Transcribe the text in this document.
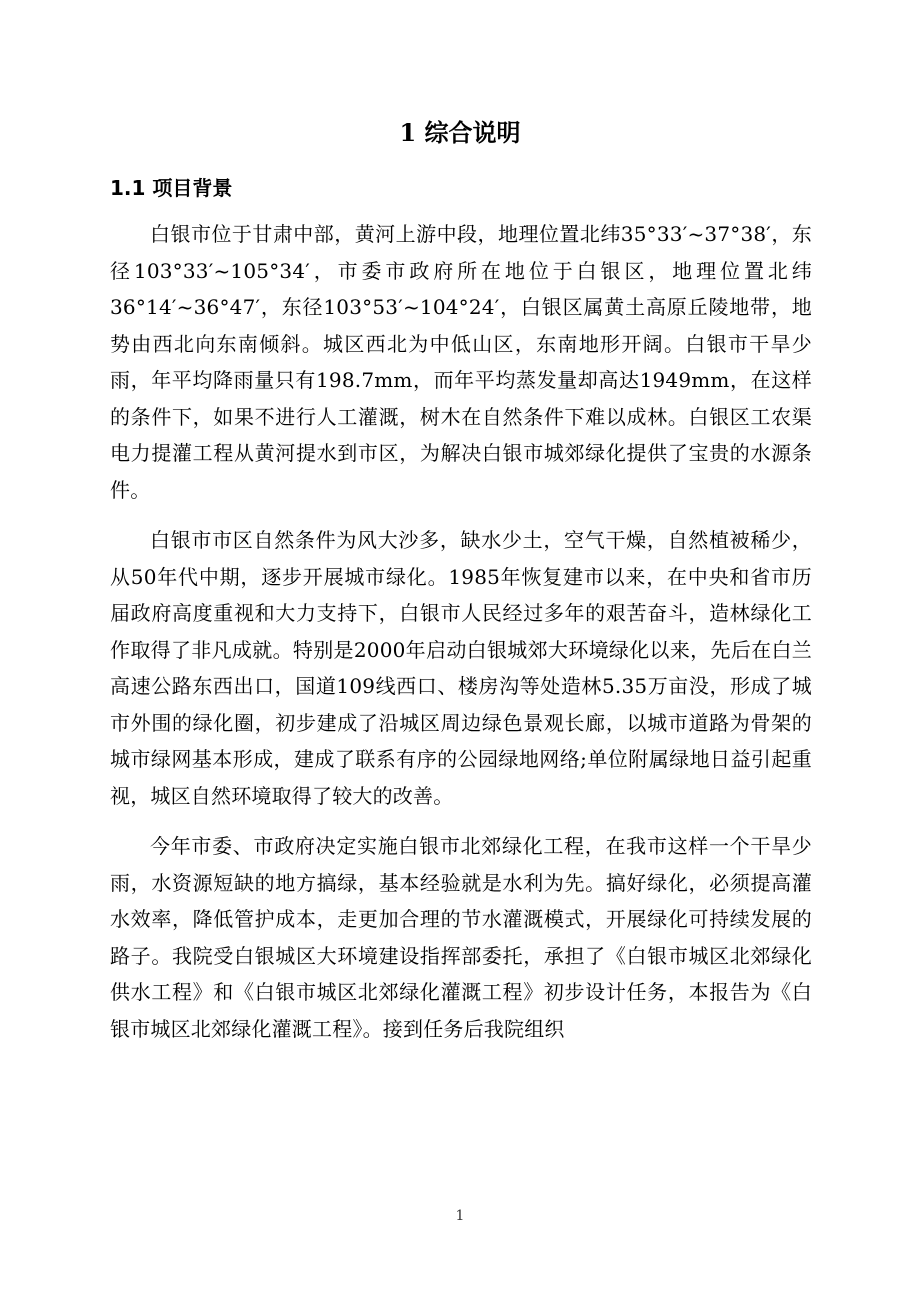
1 综合说明
1.1 项目背景

白银市位于甘肃中部，黄河上游中段，地理位置北纬35°33′~37°38′，东径103°33′~105°34′，市委市政府所在地位于白银区，地理位置北纬36°14′~36°47′，东径103°53′~104°24′，白银区属黄土高原丘陵地带，地势由西北向东南倾斜。城区西北为中低山区，东南地形开阔。白银市干旱少雨，年平均降雨量只有198.7mm，而年平均蒸发量却高达1949mm，在这样的条件下，如果不进行人工灌溉，树木在自然条件下难以成林。白银区工农渠电力提灌工程从黄河提水到市区，为解决白银市城郊绿化提供了宝贵的水源条件。

白银市市区自然条件为风大沙多，缺水少土，空气干燥，自然植被稀少，从50年代中期，逐步开展城市绿化。1985年恢复建市以来，在中央和省市历届政府高度重视和大力支持下，白银市人民经过多年的艰苦奋斗，造林绿化工作取得了非凡成就。特别是2000年启动白银城郊大环境绿化以来，先后在白兰高速公路东西出口，国道109线西口、楼房沟等处造林5.35万亩没，形成了城市外围的绿化圈，初步建成了沿城区周边绿色景观长廊，以城市道路为骨架的城市绿网基本形成，建成了联系有序的公园绿地网络;单位附属绿地日益引起重视，城区自然环境取得了较大的改善。

今年市委、市政府决定实施白银市北郊绿化工程，在我市这样一个干旱少雨，水资源短缺的地方搞绿，基本经验就是水利为先。搞好绿化，必须提高灌水效率，降低管护成本，走更加合理的节水灌溉模式，开展绿化可持续发展的路子。我院受白银城区大环境建设指挥部委托，承担了《白银市城区北郊绿化供水工程》和《白银市城区北郊绿化灌溉工程》初步设计任务，本报告为《白银市城区北郊绿化灌溉工程》。接到任务后我院组织

1
